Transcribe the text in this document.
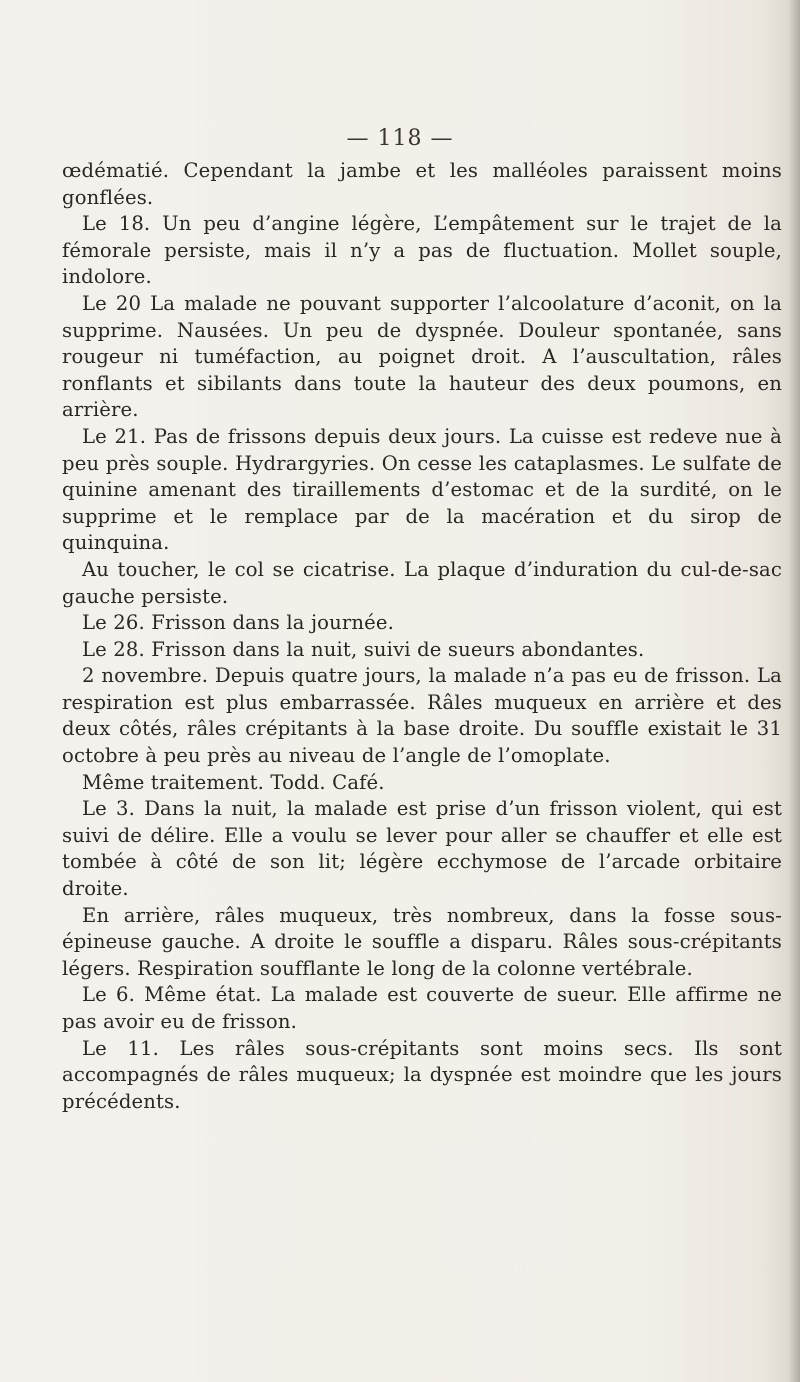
— 118 —

œdématié. Cependant la jambe et les malléoles paraissent moins gonflées.

Le 18. Un peu d’angine légère, L’empâtement sur le trajet de la fémorale persiste, mais il n’y a pas de fluctuation. Mollet souple, indolore.

Le 20 La malade ne pouvant supporter l’alcoolature d’aconit, on la supprime. Nausées. Un peu de dyspnée. Douleur spontanée, sans rougeur ni tuméfaction, au poignet droit. A l’auscultation, râles ronflants et sibilants dans toute la hauteur des deux poumons, en arrière.

Le 21. Pas de frissons depuis deux jours. La cuisse est redeve nue à peu près souple. Hydrargyries. On cesse les cataplasmes. Le sulfate de quinine amenant des tiraillements d’estomac et de la surdité, on le supprime et le remplace par de la macération et du sirop de quinquina.

Au toucher, le col se cicatrise. La plaque d’induration du cul-de-sac gauche persiste.

Le 26. Frisson dans la journée.

Le 28. Frisson dans la nuit, suivi de sueurs abondantes.

2 novembre. Depuis quatre jours, la malade n’a pas eu de frisson. La respiration est plus embarrassée. Râles muqueux en arrière et des deux côtés, râles crépitants à la base droite. Du souffle existait le 31 octobre à peu près au niveau de l’angle de l’omoplate.

Même traitement. Todd. Café.

Le 3. Dans la nuit, la malade est prise d’un frisson violent, qui est suivi de délire. Elle a voulu se lever pour aller se chauffer et elle est tombée à côté de son lit; légère ecchymose de l’arcade orbitaire droite.

En arrière, râles muqueux, très nombreux, dans la fosse sous-épineuse gauche. A droite le souffle a disparu. Râles sous-crépitants légers. Respiration soufflante le long de la colonne vertébrale.

Le 6. Même état. La malade est couverte de sueur. Elle affirme ne pas avoir eu de frisson.

Le 11. Les râles sous-crépitants sont moins secs. Ils sont accompagnés de râles muqueux; la dyspnée est moindre que les jours précédents.
